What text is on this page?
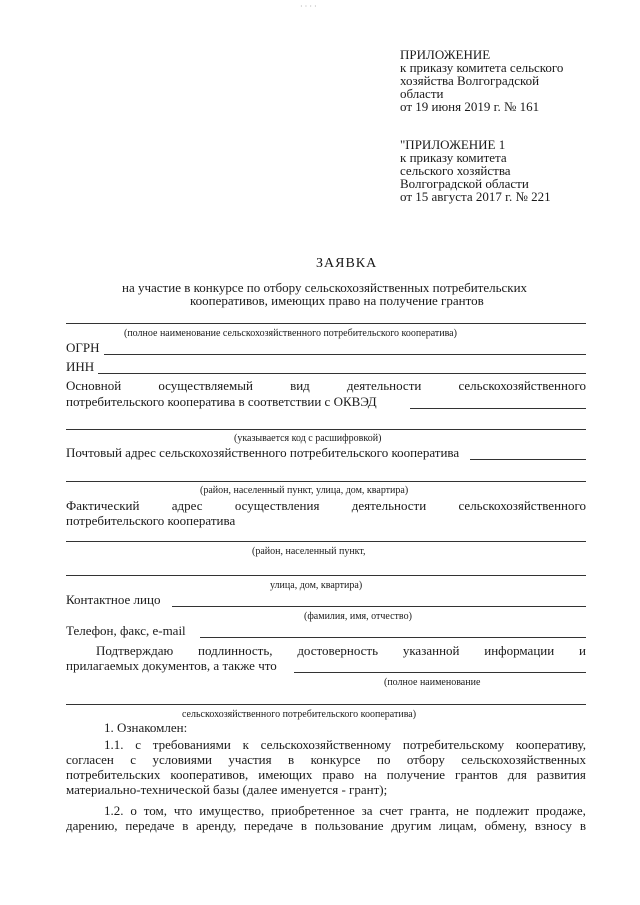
· · · ·
ПРИЛОЖЕНИЕ
к приказу комитета сельского
хозяйства Волгоградской
области
от 19 июня 2019 г. № 161
"ПРИЛОЖЕНИЕ 1
к приказу комитета
сельского хозяйства
Волгоградской области
от 15 августа 2017 г. № 221
ЗАЯВКА
на участие в конкурсе по отбору сельскохозяйственных потребительских
кооперативов, имеющих право на получение грантов
(полное наименование сельскохозяйственного потребительского кооператива)
ОГРН
ИНН
Основной	осуществляемый	вид	деятельности	сельскохозяйственного
потребительского кооператива в соответствии с ОКВЭД
(указывается код с расшифровкой)
Почтовый адрес сельскохозяйственного потребительского кооператива
(район, населенный пункт, улица, дом, квартира)
Фактический адрес осуществления деятельности сельскохозяйственного
потребительского кооператива
(район, населенный пункт,
улица, дом, квартира)
Контактное лицо
(фамилия, имя, отчество)
Телефон, факс, e-mail
Подтверждаю подлинность, достоверность указанной информации и
прилагаемых документов, а также что
(полное наименование
сельскохозяйственного потребительского кооператива)
1. Ознакомлен:
1.1. с требованиями к сельскохозяйственному потребительскому кооперативу,
согласен с условиями участия в конкурсе по отбору сельскохозяйственных
потребительских кооперативов, имеющих право на получение грантов для развития
материально-технической базы (далее именуется - грант);
1.2. о том, что имущество, приобретенное за счет гранта, не подлежит продаже,
дарению, передаче в аренду, передаче в пользование другим лицам, обмену, взносу в
